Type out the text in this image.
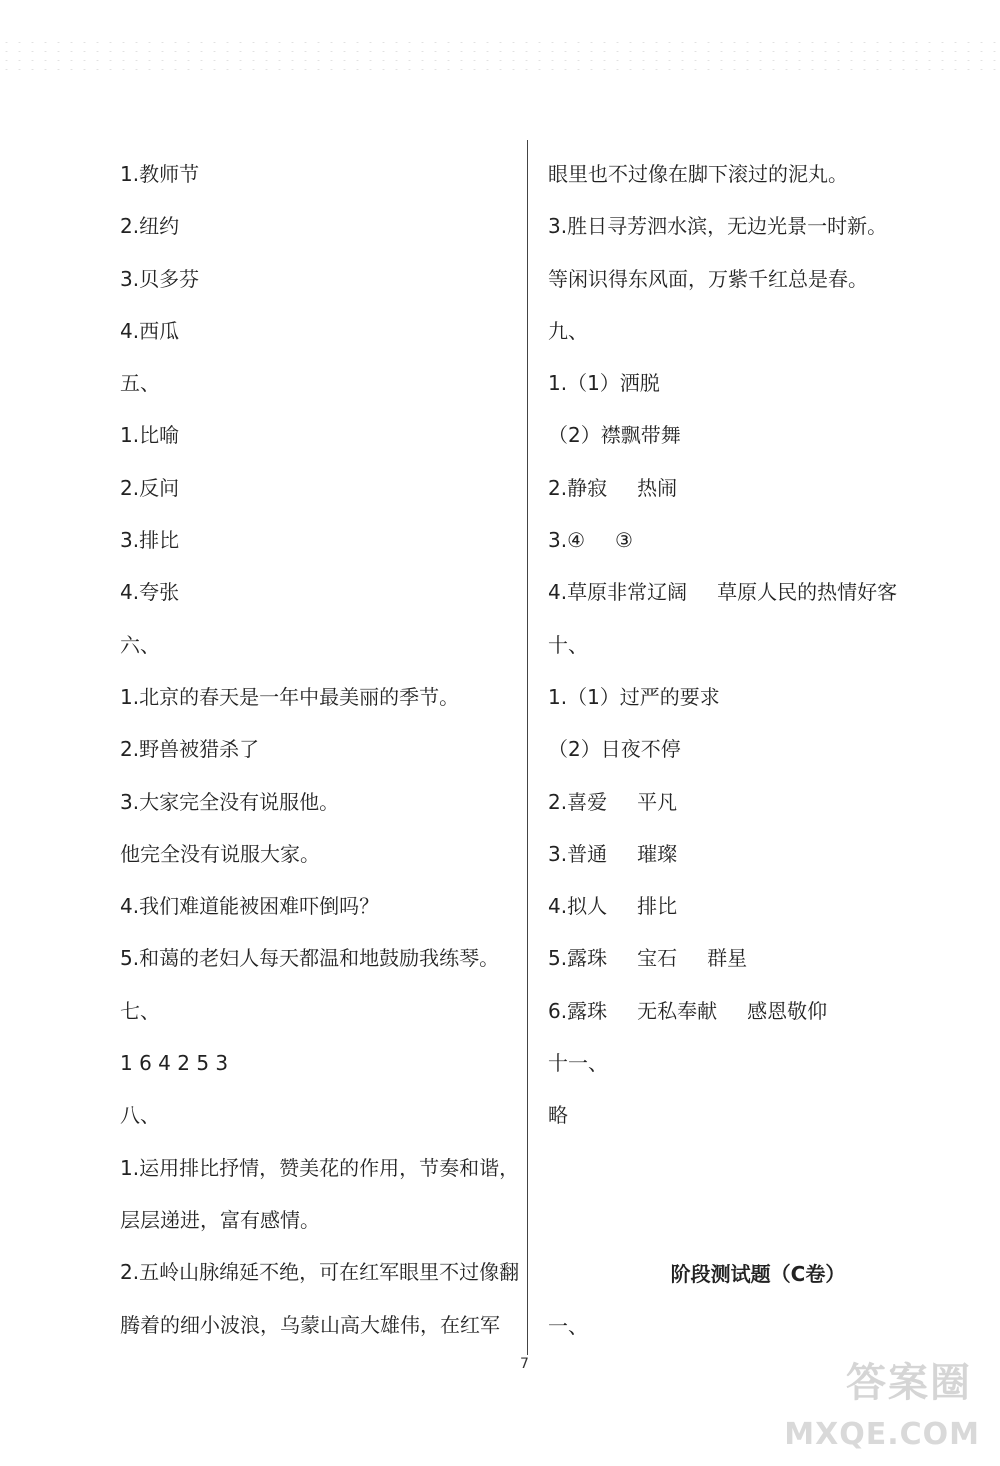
1.教师节
2.纽约
3.贝多芬
4.西瓜
五、
1.比喻
2.反问
3.排比
4.夸张
六、
1.北京的春天是一年中最美丽的季节。
2.野兽被猎杀了
3.大家完全没有说服他。
他完全没有说服大家。
4.我们难道能被困难吓倒吗？
5.和蔼的老妇人每天都温和地鼓励我练琴。
七、
1 6 4 2 5 3
八、
1.运用排比抒情，赞美花的作用，节奏和谐，
层层递进，富有感情。
2.五岭山脉绵延不绝，可在红军眼里不过像翻
腾着的细小波浪，乌蒙山高大雄伟，在红军
眼里也不过像在脚下滚过的泥丸。
3.胜日寻芳泗水滨，无边光景一时新。
等闲识得东风面，万紫千红总是春。
九、
1.（1）洒脱
（2）襟飘带舞
2.静寂 热闹
3.④ ③
4.草原非常辽阔 草原人民的热情好客
十、
1.（1）过严的要求
（2）日夜不停
2.喜爱 平凡
3.普通 璀璨
4.拟人 排比
5.露珠 宝石 群星
6.露珠 无私奉献 感恩敬仰
十一、
略
阶段测试题（C卷）
一、
7	答案圈
MXQE.COM
